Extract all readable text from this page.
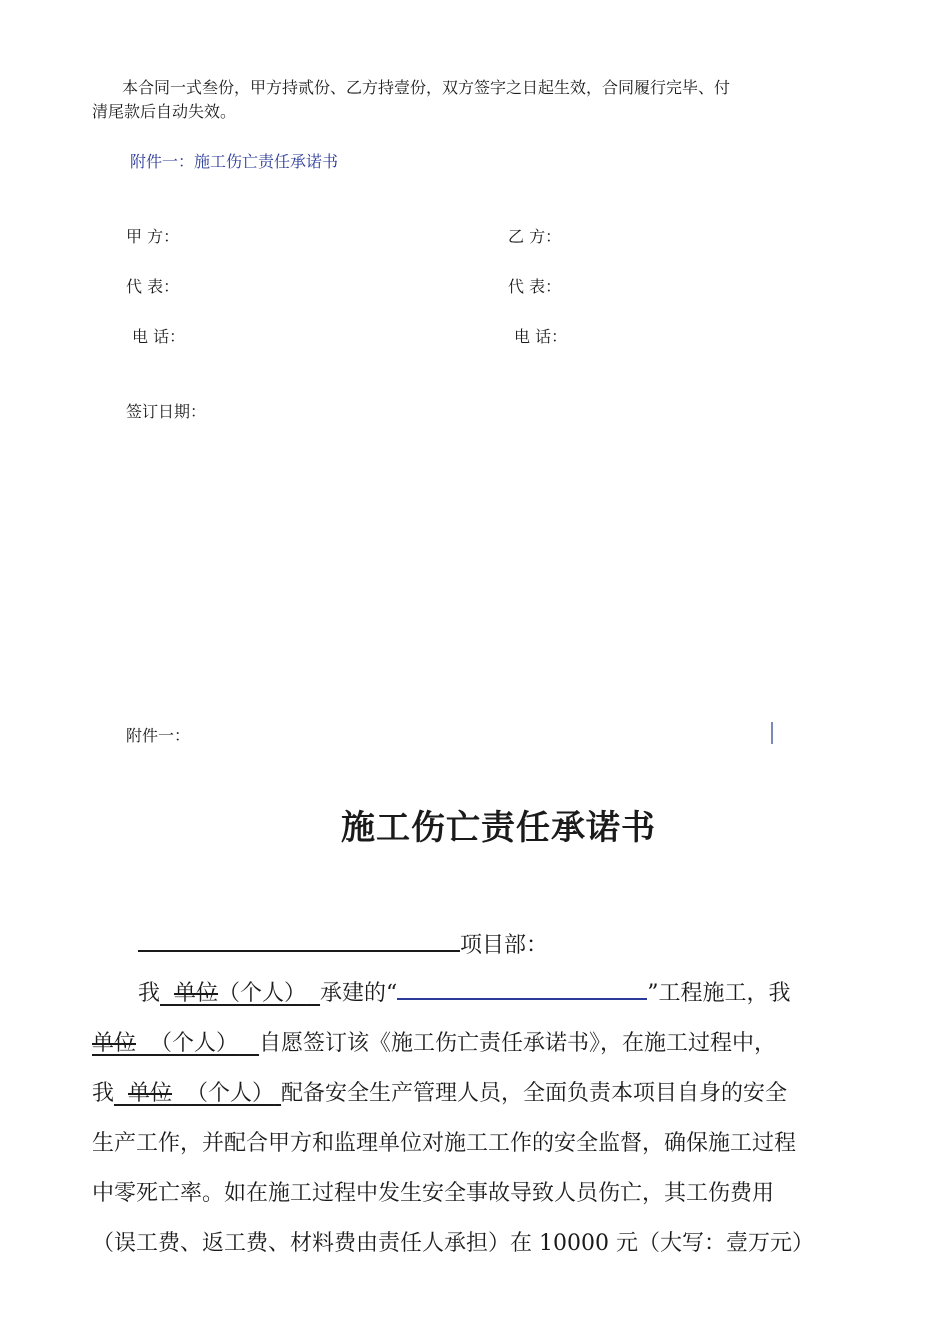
本合同一式叁份，甲方持贰份、乙方持壹份，双方签字之日起生效，合同履行完毕、付
清尾款后自动失效。
附件一：施工伤亡责任承诺书
甲 方：	乙 方：
代 表：	代 表：
电 话：	电 话：
签订日期：
附件一：
施工伤亡责任承诺书
项目部：
我 单位（个人） 承建的“	”工程施工，我
单位 （个人） 自愿签订该《施工伤亡责任承诺书》，在施工过程中，
我 单位 （个人） 配备安全生产管理人员，全面负责本项目自身的安全
生产工作，并配合甲方和监理单位对施工工作的安全监督，确保施工过程
中零死亡率。如在施工过程中发生安全事故导致人员伤亡，其工伤费用
（误工费、返工费、材料费由责任人承担）在 10000 元（大写：壹万元）
